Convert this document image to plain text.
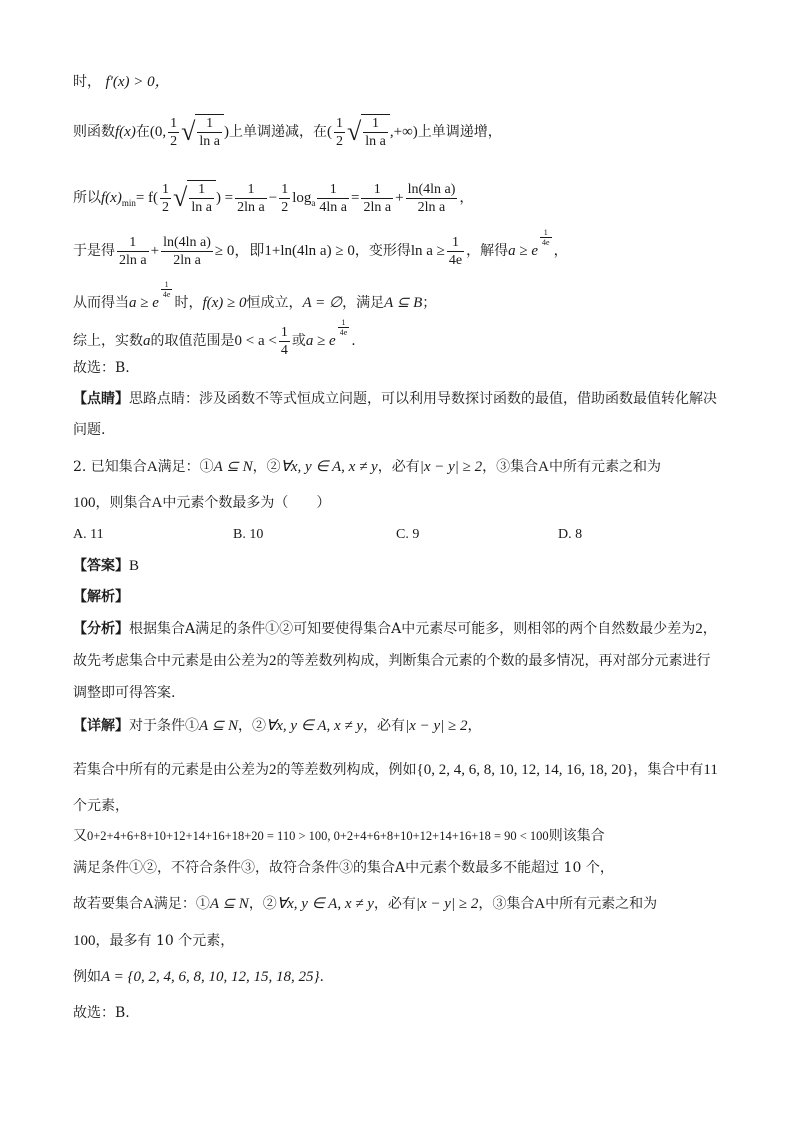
时， f′(x) > 0，
则函数f(x)在(0, $\frac{1}{2}$ √ $\frac{1}{\text{ln a}}$ )上单调递减，在( $\frac{1}{2}$ √ $\frac{1}{\text{ln a}}$ ,+∞)上单调递增，
所以$f(x)_{min}= f( \frac{1}{2}$ √ $\frac{1}{\text{ln a}}$ ) = $\frac{1}{\text{2ln a}} - \frac{1}{2} \log_a \frac{1}{\text{4ln a}} = \frac{1}{\text{2ln a}} + \frac{\text{ln(4ln a)}}{\text{2ln a}}$ ，
于是得 $\frac{1}{\text{2ln a}} + \frac{\text{ln(4ln a)}}{\text{2ln a}} \ge 0$，即1+ln(4ln a) ≥ 0，变形得$\ln a \ge \frac{1}{4e}$ ，解得a ≥ e
$\frac{1}{4e}$
，
从而得当a ≥ e
$\frac{1}{4e}$
时，f(x) ≥ 0恒成立，A = ∅，满足A ⊆ B；
综上，实数a的取值范围是$0 < a < \frac{1}{4}$ 或a ≥ e
$\frac{1}{4e}$
.
故选：B.
【点睛】思路点睛：涉及函数不等式恒成立问题，可以利用导数探讨函数的最值，借助函数最值转化解决
问题.
2. 已知集合A满足：①A ⊆ N，②∀x, y ∈ A, x ≠ y，必有|x − y| ≥ 2，③集合A中所有元素之和为
100，则集合A中元素个数最多为（　　）
A. 11	B. 10	C. 9	D. 8
【答案】B
【解析】
【分析】根据集合A满足的条件①②可知要使得集合A中元素尽可能多，则相邻的两个自然数最少差为2，
故先考虑集合中元素是由公差为2的等差数列构成，判断集合元素的个数的最多情况，再对部分元素进行
调整即可得答案.
【详解】对于条件①A ⊆ N，②∀x, y ∈ A, x ≠ y，必有|x − y| ≥ 2，
若集合中所有的元素是由公差为2的等差数列构成，例如{0, 2, 4, 6, 8, 10, 12, 14, 16, 18, 20}，集合中有11
个元素，
又0+2+4+6+8+10+12+14+16+18+20 = 110 > 100, 0+2+4+6+8+10+12+14+16+18 = 90 < 100则该集合
满足条件①②，不符合条件③，故符合条件③的集合A中元素个数最多不能超过 10 个，
故若要集合A满足：①A ⊆ N，②∀x, y ∈ A, x ≠ y，必有|x − y| ≥ 2，③集合A中所有元素之和为
100，最多有 10 个元素，
例如A = {0, 2, 4, 6, 8, 10, 12, 15, 18, 25}.
故选：B.
